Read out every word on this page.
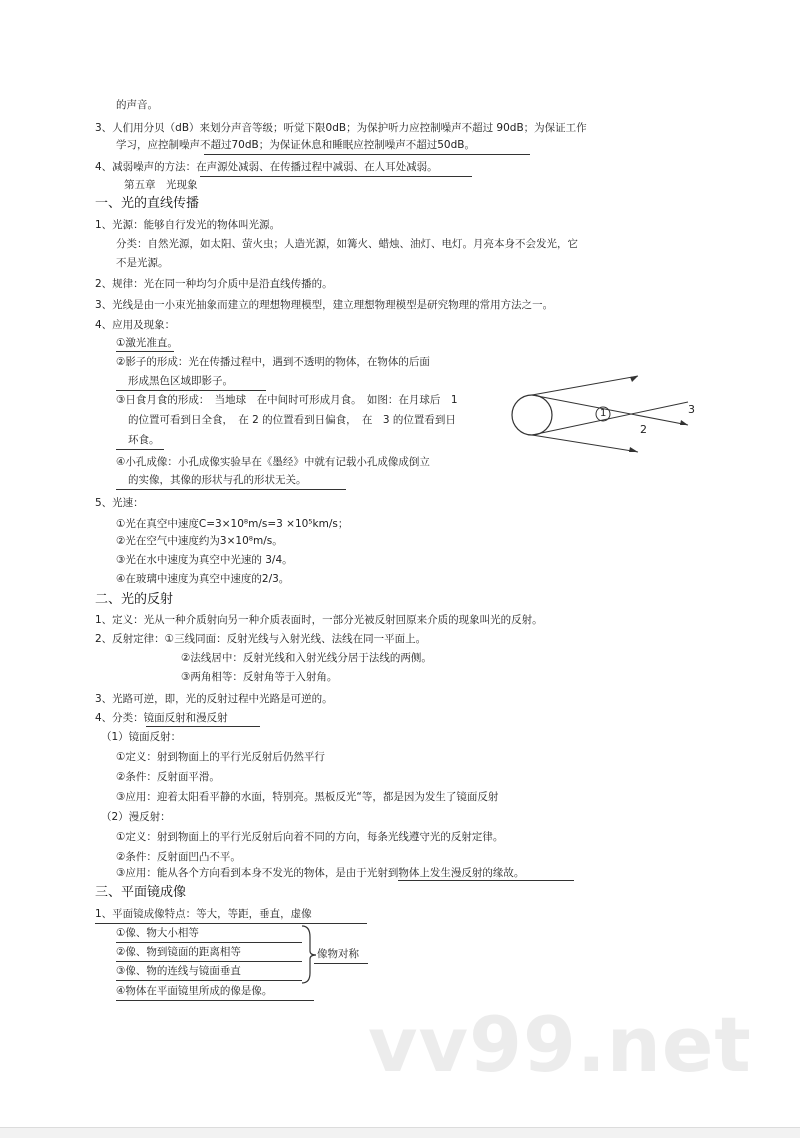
的声音。
3、人们用分贝（dB）来划分声音等级；听觉下限0dB；为保护听力应控制噪声不超过 90dB；为保证工作
学习，应控制噪声不超过70dB；为保证休息和睡眠应控制噪声不超过50dB。
4、减弱噪声的方法：在声源处减弱、在传播过程中减弱、在人耳处减弱。
第五章　光现象
一、光的直线传播
1、光源：能够自行发光的物体叫光源。
分类：自然光源，如太阳、萤火虫；人造光源，如篝火、蜡烛、油灯、电灯。月亮本身不会发光，它
不是光源。
2、规律：光在同一种均匀介质中是沿直线传播的。
3、光线是由一小束光抽象而建立的理想物理模型，建立理想物理模型是研究物理的常用方法之一。
4、应用及现象：
①激光准直。
②影子的形成：光在传播过程中，遇到不透明的物体，在物体的后面
形成黑色区域即影子。
③日食月食的形成：　当地球　在中间时可形成月食。　如图：在月球后　1
的位置可看到日全食，　在 2 的位置看到日偏食，　在　3 的位置看到日
环食。
④小孔成像：小孔成像实验早在《墨经》中就有记载小孔成像成倒立
的实像，其像的形状与孔的形状无关。
5、光速：
①光在真空中速度C=3×10⁸m/s=3 ×10⁵km/s；
②光在空气中速度约为3×10⁸m/s。
③光在水中速度为真空中光速的 3/4。
④在玻璃中速度为真空中速度的2/3。
1
2
3
二、光的反射
1、定义：光从一种介质射向另一种介质表面时，一部分光被反射回原来介质的现象叫光的反射。
2、反射定律：①三线同面：反射光线与入射光线、法线在同一平面上。
②法线居中：反射光线和入射光线分居于法线的两侧。
③两角相等：反射角等于入射角。
3、光路可逆，即，光的反射过程中光路是可逆的。
4、分类：镜面反射和漫反射
（1）镜面反射：
①定义：射到物面上的平行光反射后仍然平行
②条件：反射面平滑。
③应用：迎着太阳看平静的水面，特别亮。黑板反光“等，都是因为发生了镜面反射
（2）漫反射：
①定义：射到物面上的平行光反射后向着不同的方向，每条光线遵守光的反射定律。
②条件：反射面凹凸不平。
③应用：能从各个方向看到本身不发光的物体，是由于光射到物体上发生漫反射的缘故。
三、平面镜成像
1、平面镜成像特点：等大，等距，垂直，虚像
①像、物大小相等
②像、物到镜面的距离相等
③像、物的连线与镜面垂直
④物体在平面镜里所成的像是像。
像物对称
vv99.net
